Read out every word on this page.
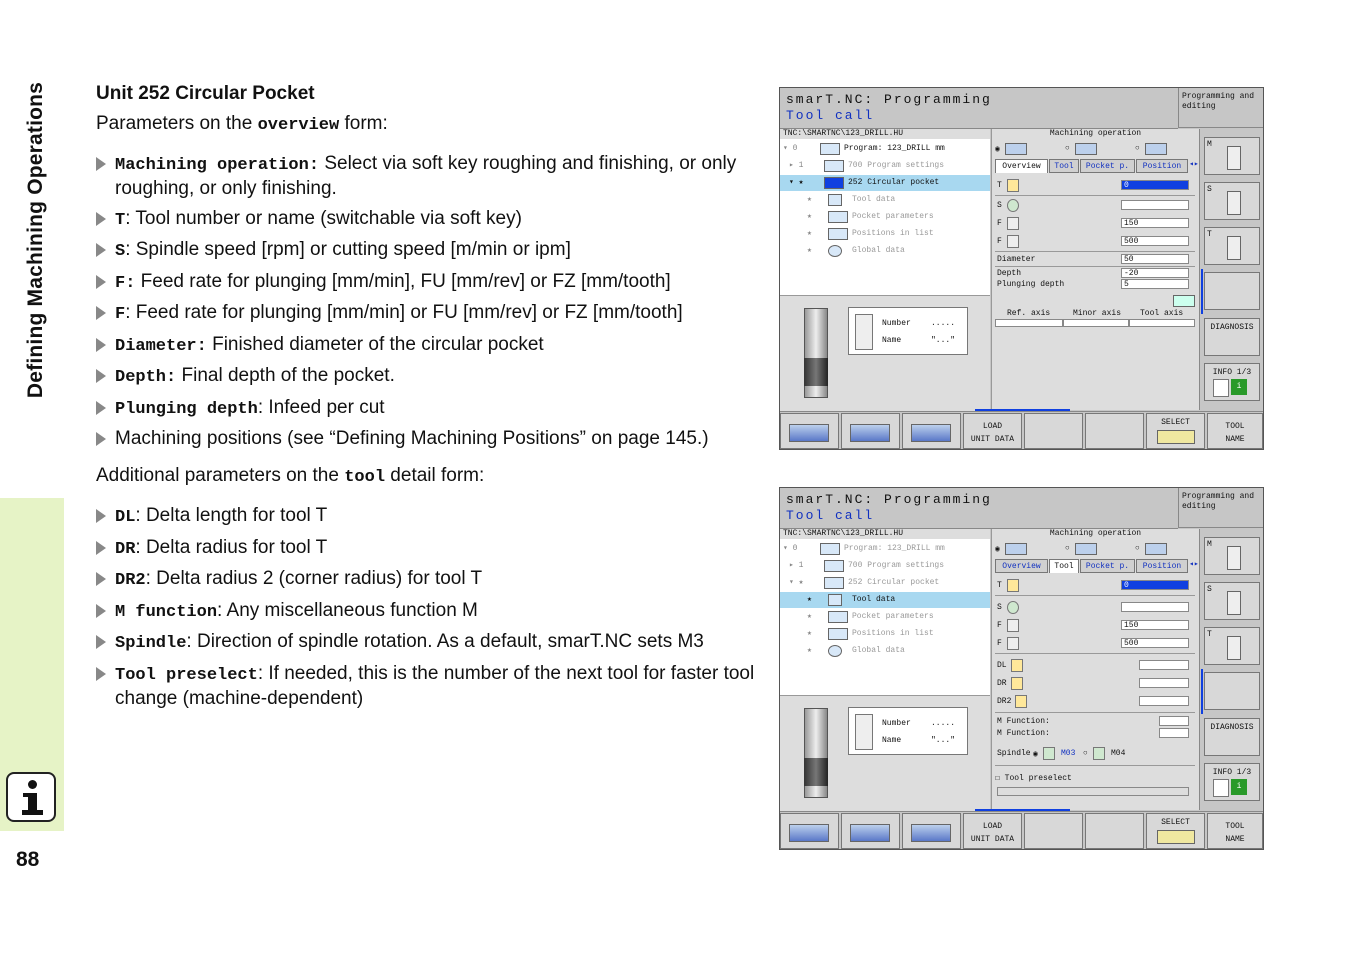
Defining Machining Operations
88
Unit 252 Circular Pocket

Parameters on the overview form:

Machining operation: Select via soft key roughing and finishing, or only roughing, or only finishing.
T: Tool number or name (switchable via soft key)
S: Spindle speed [rpm] or cutting speed [m/min or ipm]
F: Feed rate for plunging [mm/min], FU [mm/rev] or FZ [mm/tooth]
F: Feed rate for plunging [mm/min] or FU [mm/rev] or FZ [mm/tooth]
Diameter: Finished diameter of the circular pocket
Depth: Final depth of the pocket.
Plunging depth: Infeed per cut
Machining positions (see “Defining Machining Positions” on page 145.)

Additional parameters on the tool detail form:

DL: Delta length for tool T
DR: Delta radius for tool T
DR2: Delta radius 2 (corner radius) for tool T
M function: Any miscellaneous function M
Spindle: Direction of spindle rotation. As a default, smarT.NC sets M3
Tool preselect: If needed, this is the number of the next tool for faster tool change (machine-dependent)
smarT.NC: Programming
Tool call
Programming and editing
TNC:\SMARTNC\123_DRILL.HU
▾ 0	Program: 123_DRILL mm
▸ 1	700 Program settings
▾ ★	252 Circular pocket
★	Tool data
★	Pocket parameters
★	Positions in list
★	Global data
Number	.....
Name	"..."
Machining operation
◉	○	○
Overview	Tool	Pocket p.	Position ◂▸
T	0
S
F	150
F	500
Diameter	50
Depth	-20
Plunging depth	5
Ref. axis	Minor axis Tool axis
M
S
T
DIAGNOSIS
INFO 1/3
i
LOAD
UNIT DATA
SELECT	TOOL
NAME
smarT.NC: Programming
Tool call
Programming and editing
TNC:\SMARTNC\123_DRILL.HU
▾ 0	Program: 123_DRILL mm
▸ 1	700 Program settings
▾ ★	252 Circular pocket
★	Tool data
★	Pocket parameters
★	Positions in list
★	Global data
Number	.....
Name	"..."
Machining operation
◉	○	○
Overview	Tool	Pocket p.	Position ◂▸
T	0
S
F	150
F	500
DL
DR
DR2
M Function:
M Function:
Spindle ◉	M03 ○	M04
☐ Tool preselect
M
S
T
DIAGNOSIS
INFO 1/3
i
LOAD
UNIT DATA
SELECT	TOOL
NAME
